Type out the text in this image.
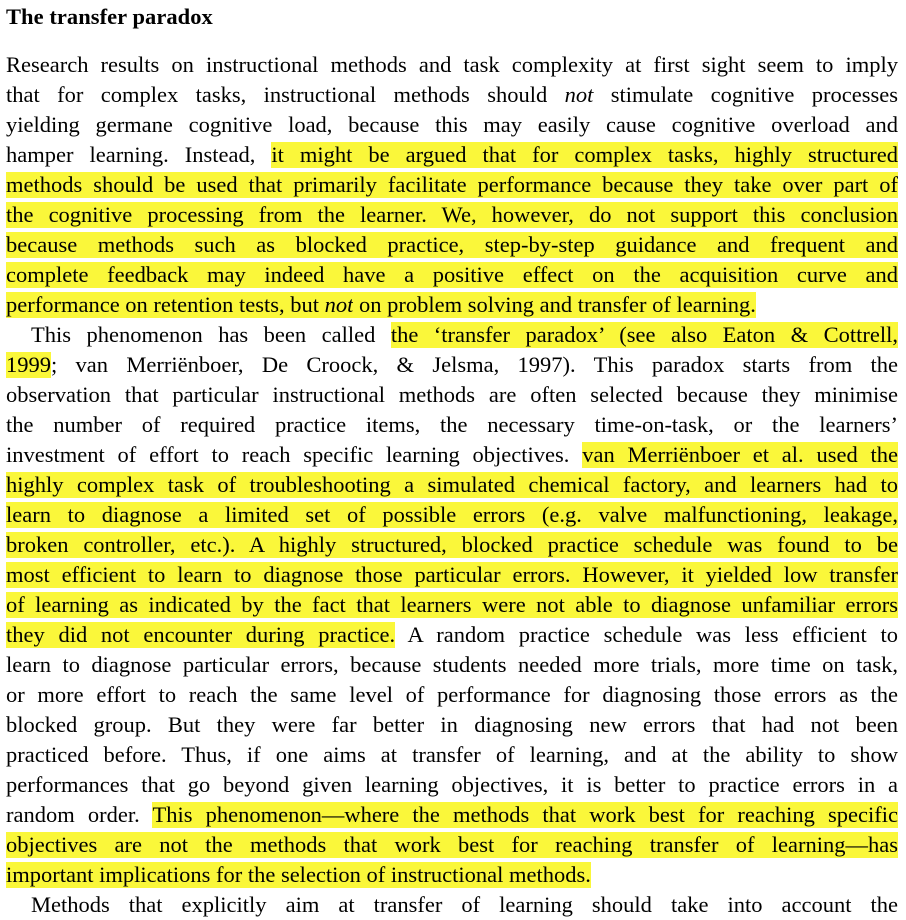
The transfer paradox
Research results on instructional methods and task complexity at first sight seem to imply
that for complex tasks, instructional methods should not stimulate cognitive processes
yielding germane cognitive load, because this may easily cause cognitive overload and
hamper learning. Instead, it might be argued that for complex tasks, highly structured
methods should be used that primarily facilitate performance because they take over part of
the cognitive processing from the learner. We, however, do not support this conclusion
because methods such as blocked practice, step-by-step guidance and frequent and
complete feedback may indeed have a positive effect on the acquisition curve and
performance on retention tests, but not on problem solving and transfer of learning.
This phenomenon has been called the ‘transfer paradox’ (see also Eaton & Cottrell,
1999; van Merriënboer, De Croock, & Jelsma, 1997). This paradox starts from the
observation that particular instructional methods are often selected because they minimise
the number of required practice items, the necessary time-on-task, or the learners’
investment of effort to reach specific learning objectives. van Merriënboer et al. used the
highly complex task of troubleshooting a simulated chemical factory, and learners had to
learn to diagnose a limited set of possible errors (e.g. valve malfunctioning, leakage,
broken controller, etc.). A highly structured, blocked practice schedule was found to be
most efficient to learn to diagnose those particular errors. However, it yielded low transfer
of learning as indicated by the fact that learners were not able to diagnose unfamiliar errors
they did not encounter during practice. A random practice schedule was less efficient to
learn to diagnose particular errors, because students needed more trials, more time on task,
or more effort to reach the same level of performance for diagnosing those errors as the
blocked group. But they were far better in diagnosing new errors that had not been
practiced before. Thus, if one aims at transfer of learning, and at the ability to show
performances that go beyond given learning objectives, it is better to practice errors in a
random order. This phenomenon—where the methods that work best for reaching specific
objectives are not the methods that work best for reaching transfer of learning—has
important implications for the selection of instructional methods.
Methods that explicitly aim at transfer of learning should take into account the
